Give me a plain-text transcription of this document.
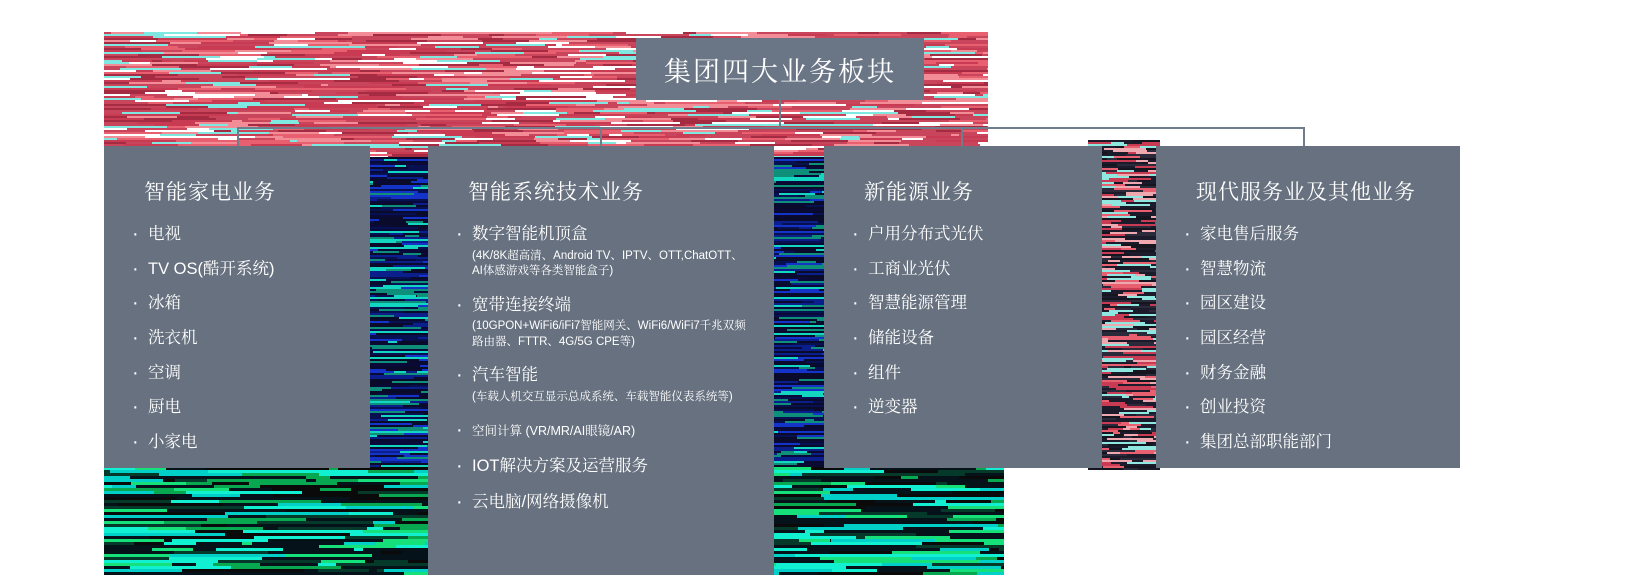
集团四大业务板块
智能家电业务
· 电视
· TV OS(酷开系统)
· 冰箱
· 洗衣机
· 空调
· 厨电
· 小家电
智能系统技术业务
· 数字智能机顶盒
(4K/8K超高清、Android TV、IPTV、OTT,ChatOTT、AI体感游戏等各类智能盒子)
· 宽带连接终端
(10GPON+WiFi6/iFi7智能网关、WiFi6/WiFi7千兆双频路由器、FTTR、4G/5G CPE等)
· 汽车智能
(车载人机交互显示总成系统、车载智能仪表系统等)
· 空间计算 (VR/MR/AI眼镜/AR)
· IOT解决方案及运营服务
· 云电脑/网络摄像机
新能源业务
· 户用分布式光伏
· 工商业光伏
· 智慧能源管理
· 储能设备
· 组件
· 逆变器
现代服务业及其他业务
· 家电售后服务
· 智慧物流
· 园区建设
· 园区经营
· 财务金融
· 创业投资
· 集团总部职能部门
